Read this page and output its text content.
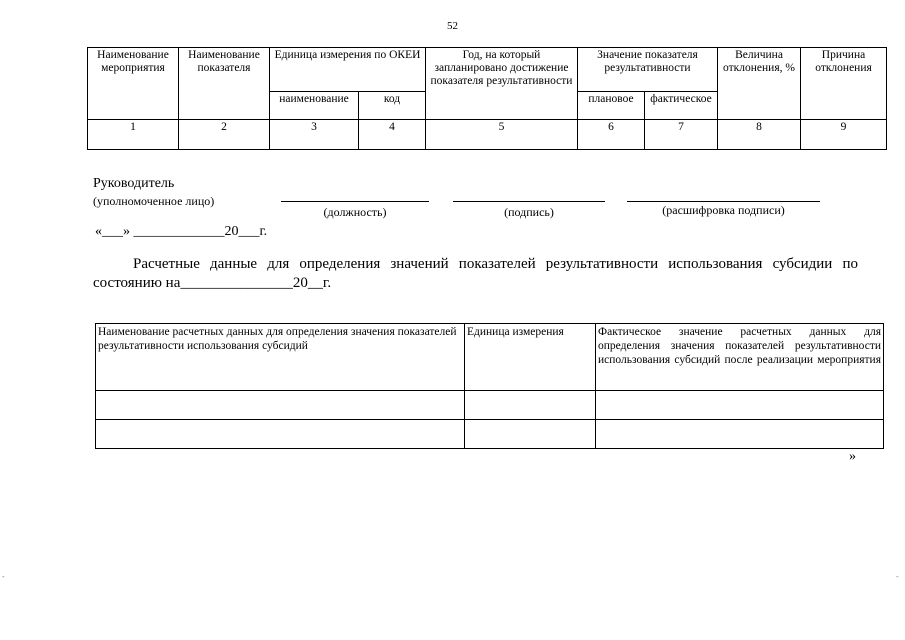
52
Наименование мероприятия	Наименование показателя	Единица измерения по ОКЕИ		Год, на который запланировано достижение показателя результативности	Значение показателя результативности		Величина отклонения, %	Причина отклонения
		наименование	код		плановое	фактическое		
1	2	3	4	5	6	7	8	9
Руководитель
(уполномоченное лицо)
(должность)	(подпись)	(расшифровка подписи)
«___» _____________20___г.
Расчетные данные для определения значений показателей результативности использования субсидии по состоянию на_______________20__г.
Наименование расчетных данных для определения значения показателей результативности использования субсидий	Единица измерения	Фактическое значение расчетных данных для определения значения показателей результативности использования субсидий после реализации мероприятия

»
-	-
